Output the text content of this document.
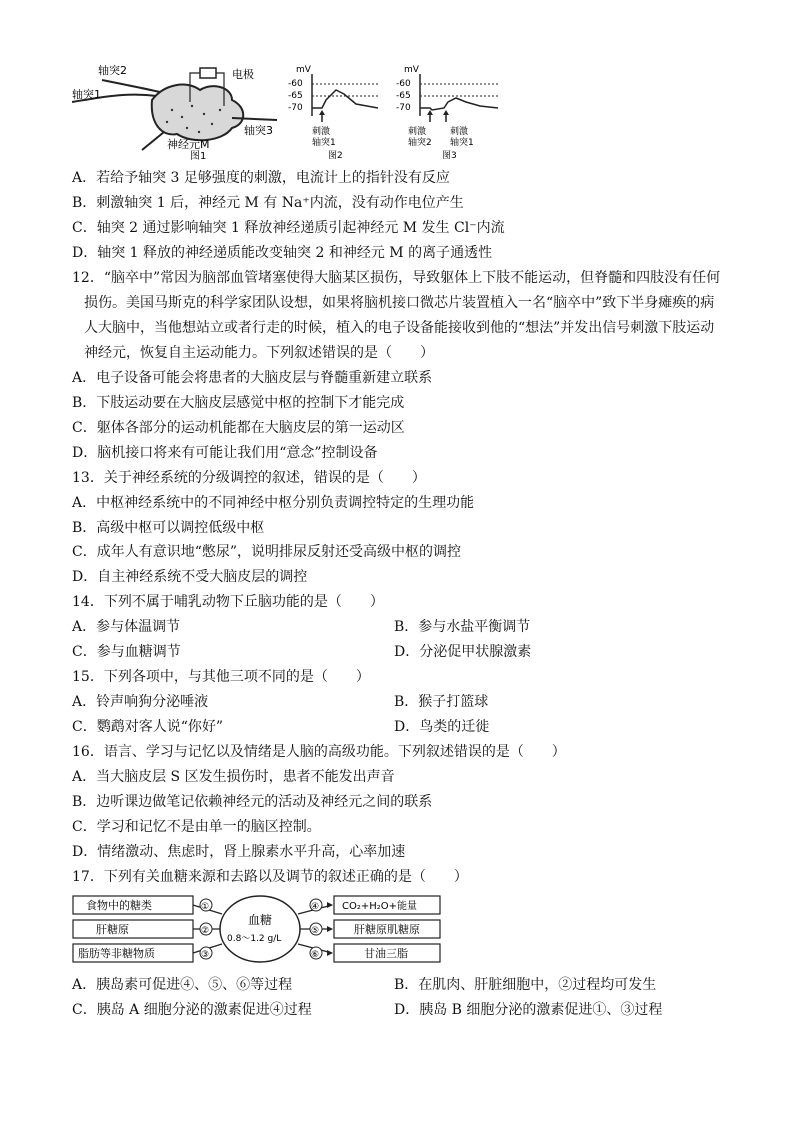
轴突2	电极
轴突1
轴突3
神经元M
图1
mV
-60
-65
-70
刺激
轴突1
图2
mV
-60
-65
-70
刺激
轴突2
刺激
轴突1
图3
A．若给予轴突 3 足够强度的刺激，电流计上的指针没有反应
B．刺激轴突 1 后，神经元 M 有 Na⁺内流，没有动作电位产生
C．轴突 2 通过影响轴突 1 释放神经递质引起神经元 M 发生 Cl⁻内流
D．轴突 1 释放的神经递质能改变轴突 2 和神经元 M 的离子通透性
12．“脑卒中”常因为脑部血管堵塞使得大脑某区损伤，导致躯体上下肢不能运动，但脊髓和四肢没有任何
损伤。美国马斯克的科学家团队设想，如果将脑机接口微芯片装置植入一名“脑卒中”致下半身瘫痪的病
人大脑中，当他想站立或者行走的时候，植入的电子设备能接收到他的“想法”并发出信号刺激下肢运动
神经元，恢复自主运动能力。下列叙述错误的是（　　）
A．电子设备可能会将患者的大脑皮层与脊髓重新建立联系
B．下肢运动要在大脑皮层感觉中枢的控制下才能完成
C．躯体各部分的运动机能都在大脑皮层的第一运动区
D．脑机接口将来有可能让我们用“意念”控制设备
13．关于神经系统的分级调控的叙述，错误的是（　　）
A．中枢神经系统中的不同神经中枢分别负责调控特定的生理功能
B．高级中枢可以调控低级中枢
C．成年人有意识地“憋尿”，说明排尿反射还受高级中枢的调控
D．自主神经系统不受大脑皮层的调控
14．下列不属于哺乳动物下丘脑功能的是（　　）
A．参与体温调节	B．参与水盐平衡调节
C．参与血糖调节	D．分泌促甲状腺激素
15．下列各项中，与其他三项不同的是（　　）
A．铃声响狗分泌唾液	B．猴子打篮球
C．鹦鹉对客人说“你好”	D．鸟类的迁徙
16．语言、学习与记忆以及情绪是人脑的高级功能。下列叙述错误的是（　　）
A．当大脑皮层 S 区发生损伤时，患者不能发出声音
B．边听课边做笔记依赖神经元的活动及神经元之间的联系
C．学习和记忆不是由单一的脑区控制。
D．情绪激动、焦虑时，肾上腺素水平升高，心率加速
17．下列有关血糖来源和去路以及调节的叙述正确的是（　　）
食物中的糖类
肝糖原
脂肪等非糖物质
①
②
③
血糖
0.8～1.2 g/L
④
⑤
⑥
CO₂+H₂O+能量
肝糖原肌糖原
甘油三脂
A．胰岛素可促进④、⑤、⑥等过程	B．在肌肉、肝脏细胞中，②过程均可发生
C．胰岛 A 细胞分泌的激素促进④过程	D．胰岛 B 细胞分泌的激素促进①、③过程
